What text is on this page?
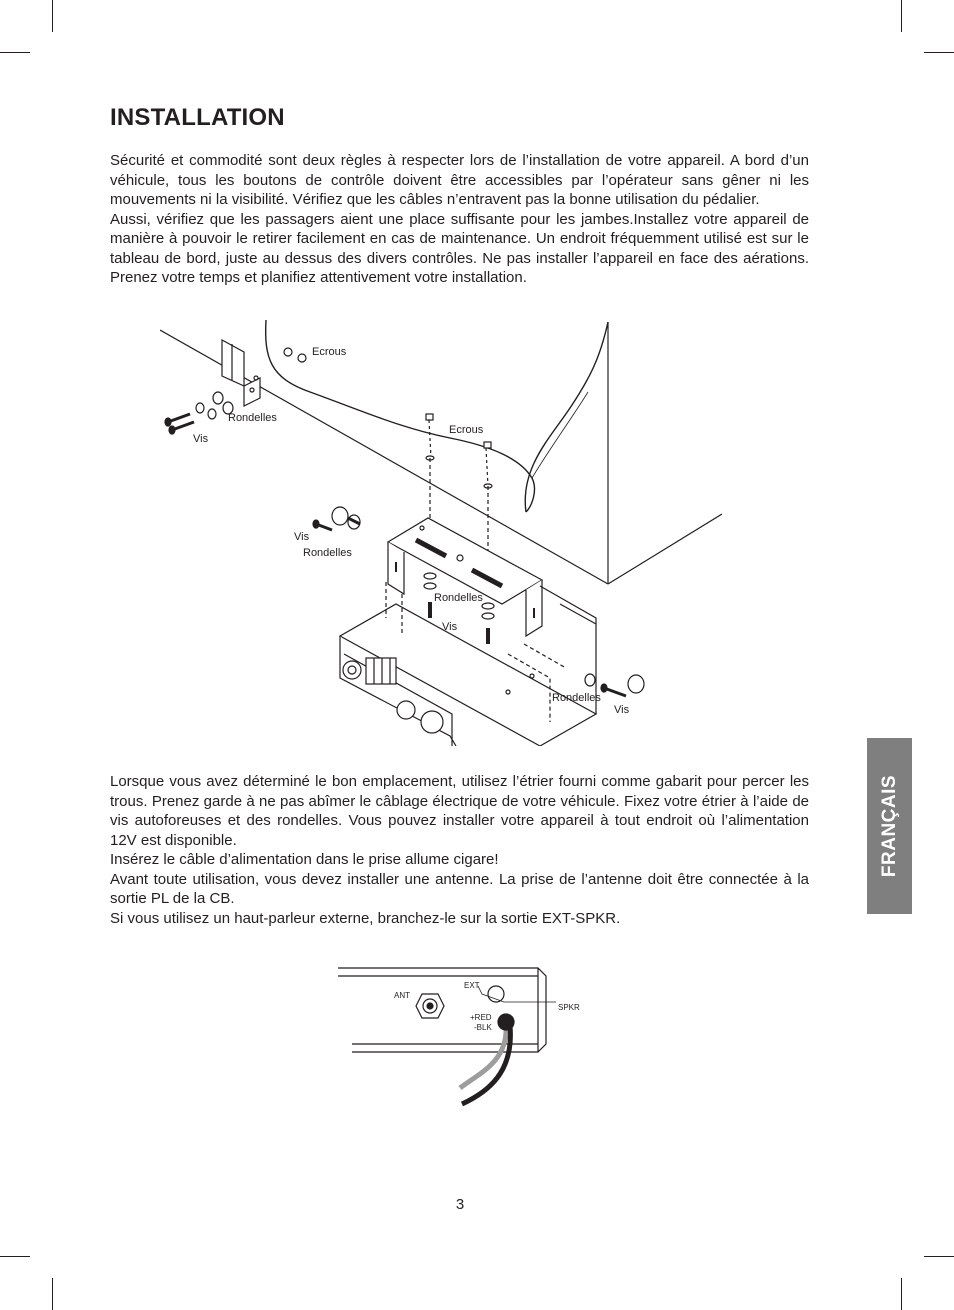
INSTALLATION

Sécurité et commodité sont deux règles à respecter lors de l’installation de votre appareil. A bord d’un véhicule, tous les boutons de contrôle doivent être accessibles par l’opérateur sans gêner ni les mouvements ni la visibilité. Vérifiez que les câbles n’entravent pas la bonne utilisation du pédalier.

Aussi, vérifiez que les passagers aient une place suffisante pour les jambes.Installez votre appareil de manière à pouvoir le retirer facilement en cas de maintenance. Un endroit fréquemment utilisé est sur le tableau de bord, juste au dessus des divers contrôles. Ne pas installer l’appareil en face des aérations. Prenez votre temps et planifiez attentivement votre installation.

Ecrous
Rondelles
Vis
Ecrous
Vis
Rondelles
Rondelles
Vis
Rondelles
Vis

Lorsque vous avez déterminé le bon emplacement, utilisez l’étrier fourni comme gabarit pour percer les trous. Prenez garde à ne pas abîmer le câblage électrique de votre véhicule. Fixez votre étrier à l’aide de vis autoforeuses et des rondelles. Vous pouvez installer votre appareil à tout endroit où l’alimentation 12V est disponible.

Insérez le câble d’alimentation dans le prise allume cigare!

Avant toute utilisation, vous devez installer une antenne. La prise de l’antenne doit être connectée à la sortie PL de la CB.

Si vous utilisez un haut-parleur externe, branchez-le sur la sortie EXT-SPKR.

FRANÇAIS
ANT
EXT
SPKR
+RED
-BLK
3
